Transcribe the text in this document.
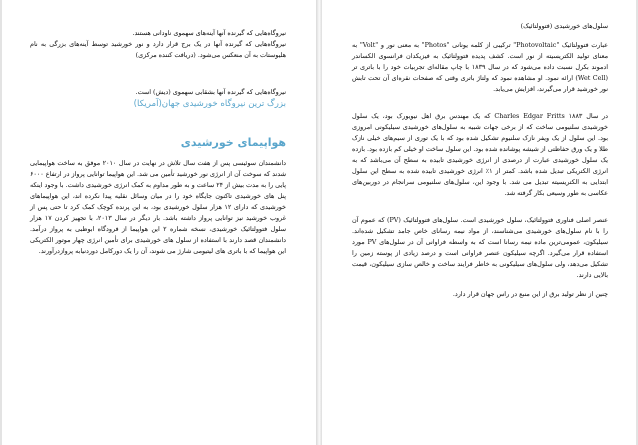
نیروگاه‌هایی که گیرنده آنها آینه‌های سهموی ناودانی هستند.

نیروگاه‌هایی که گیرنده آنها در یک برج قرار دارد و نور خورشید توسط آینه‌های بزرگی به نام هلیوستات به آن منعکس می‌شود. (دریافت کننده مرکزی)

نیروگاه‌هایی که گیرنده آنها بشقابی سهموی (دیش) است.

بزرگ ترین نیروگاه خورشیدی جهان(آمریکا)
هواپیمای خورشیدی

دانشمندان سوئیسی پس از هفت سال تلاش در نهایت در سال ۲۰۱۰ موفق به ساخت هواپیمایی شدند که سوخت آن از انرژی نور خورشید تأمین می شد. این هواپیما توانایی پرواز در ارتفاع ۶۰۰۰ پایی را به مدت بیش از ۲۴ ساعت و به طور مداوم به کمک انرژی خورشیدی داشت. با وجود اینکه پنل های خورشیدی تاکنون جایگاه خود را در میان وسائل نقلیه پیدا نکرده اند، این هواپیماهای خورشیدی که دارای ۱۲ هزار سلول خورشیدی بود، به این پرنده کوچک کمک کرد تا حتی پس از غروب خورشید نیز توانایی پرواز داشته باشد. بار دیگر در سال ۲۰۱۳، با تجهیز کردن ۱۷ هزار سلول فتوولتائیک خورشیدی، نسخه شماره ۲ این هواپیما از فرودگاه ابوظبی به پرواز درآمد. دانشمندان قصد دارند با استفاده از سلول های خورشیدی برای تأمین انرژی چهار موتور الکتریکی این هواپیما که با باتری های لیتیومی شارژ می شوند، آن را یک دورکامل دوردنیابه پروازدرآورند.

سلول‌های خورشیدی (فتوولتائیک)

عبارت فتوولتائیک "Photovoltaic" ترکیبی از کلمه یونانی "Photos" به معنی نور و "Volt" به معنای تولید الکتریسیته از نور است. کشف پدیده فتوولتائیک به فیزیکدان فرانسوی الکساندر ادموند بکرل نسبت داده می‌شود که در سال ۱۸۳۹ با چاپ مقاله‌ای تجربیات خود را با باتری تر (Wet Cell) ارائه نمود. او مشاهده نمود که ولتاژ باتری وقتی که صفحات نقره‌ای آن تحت تابش نور خورشید قرار می‌گیرند، افزایش می‌یابد.

در سال ۱۸۸۳ Charles Edgar Fritts که یک مهندس برق اهل نیویورک بود، یک سلول خورشیدی سلنیومی ساخت که از برخی جهات شبیه به سلول‌های خورشیدی سیلیکونی امروزی بود. این سلول از یک ویفر نازک سلنیوم تشکیل شده بود که با یک توری از سیم‌های خیلی نازک طلا و یک ورق حفاظتی از شیشه پوشانده شده بود. این سلول ساخت او خیلی کم بازده بود. بازده یک سلول خورشیدی عبارت از درصدی از انرژی خورشیدی تابیده به سطح آن می‌باشد که به انرژی الکتریکی تبدیل شده باشد. کمتر از ۱٪ انرژی خورشیدی تابیده شده به سطح این سلول ابتدایی به الکتریسیته تبدیل می شد. با وجود این، سلول‌های سلنیومی سرانجام در دوربین‌های عکاسی به طور وسیعی بکار گرفته شد.

عنصر اصلی فناوری فتوولتائیک، سلول خورشیدی است. سلول‌های فتوولتائیک (PV) که عموم آن را با نام سلول‌های خورشیدی می‌شناسند، از مواد نیمه رسانای خاص جامد تشکیل شده‌اند. سیلیکون، عمومی‌ترین ماده نیمه رسانا است که به واسطه فراوانی آن در سلول‌های PV مورد استفاده قرار می‌گیرد. اگرچه سیلیکون عنصر فراوانی است و درصد زیادی از پوسته زمین را تشکیل می‌دهد، ولی سلول‌های سیلیکونی به خاطر فرایند ساخت و خالص سازی سیلیکون، قیمت بالایی دارند.

چنین از نظر تولید برق از این منبع در راس جهان قرار دارد.
